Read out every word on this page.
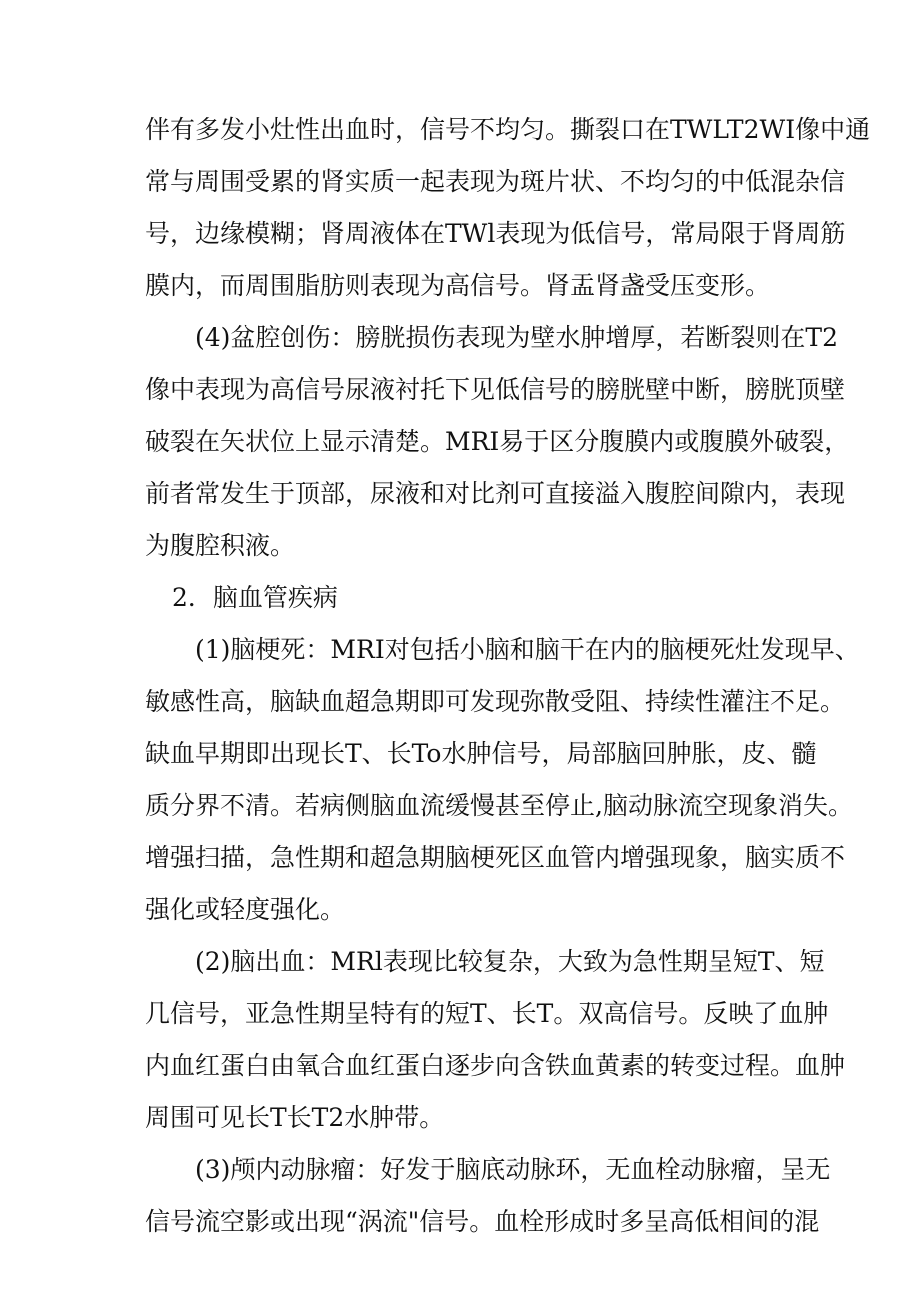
伴有多发小灶性出血时，信号不均匀。撕裂口在TWLT2WI像中通
常与周围受累的肾实质一起表现为斑片状、不均匀的中低混杂信
号，边缘模糊；肾周液体在TWl表现为低信号，常局限于肾周筋
膜内，而周围脂肪则表现为高信号。肾盂肾盏受压变形。
(4)盆腔创伤：膀胱损伤表现为壁水肿增厚，若断裂则在T2
像中表现为高信号尿液衬托下见低信号的膀胱壁中断，膀胱顶壁
破裂在矢状位上显示清楚。MRI易于区分腹膜内或腹膜外破裂，
前者常发生于顶部，尿液和对比剂可直接溢入腹腔间隙内，表现
为腹腔积液。
2．脑血管疾病
(1)脑梗死：MRI对包括小脑和脑干在内的脑梗死灶发现早、
敏感性高，脑缺血超急期即可发现弥散受阻、持续性灌注不足。
缺血早期即出现长T、长To水肿信号，局部脑回肿胀，皮、髓
质分界不清。若病侧脑血流缓慢甚至停止,脑动脉流空现象消失。
增强扫描，急性期和超急期脑梗死区血管内增强现象，脑实质不
强化或轻度强化。
(2)脑出血：MRl表现比较复杂，大致为急性期呈短T、短
几信号，亚急性期呈特有的短T、长T。双高信号。反映了血肿
内血红蛋白由氧合血红蛋白逐步向含铁血黄素的转变过程。血肿
周围可见长T长T2水肿带。
(3)颅内动脉瘤：好发于脑底动脉环，无血栓动脉瘤，呈无
信号流空影或出现“涡流"信号。血栓形成时多呈高低相间的混
